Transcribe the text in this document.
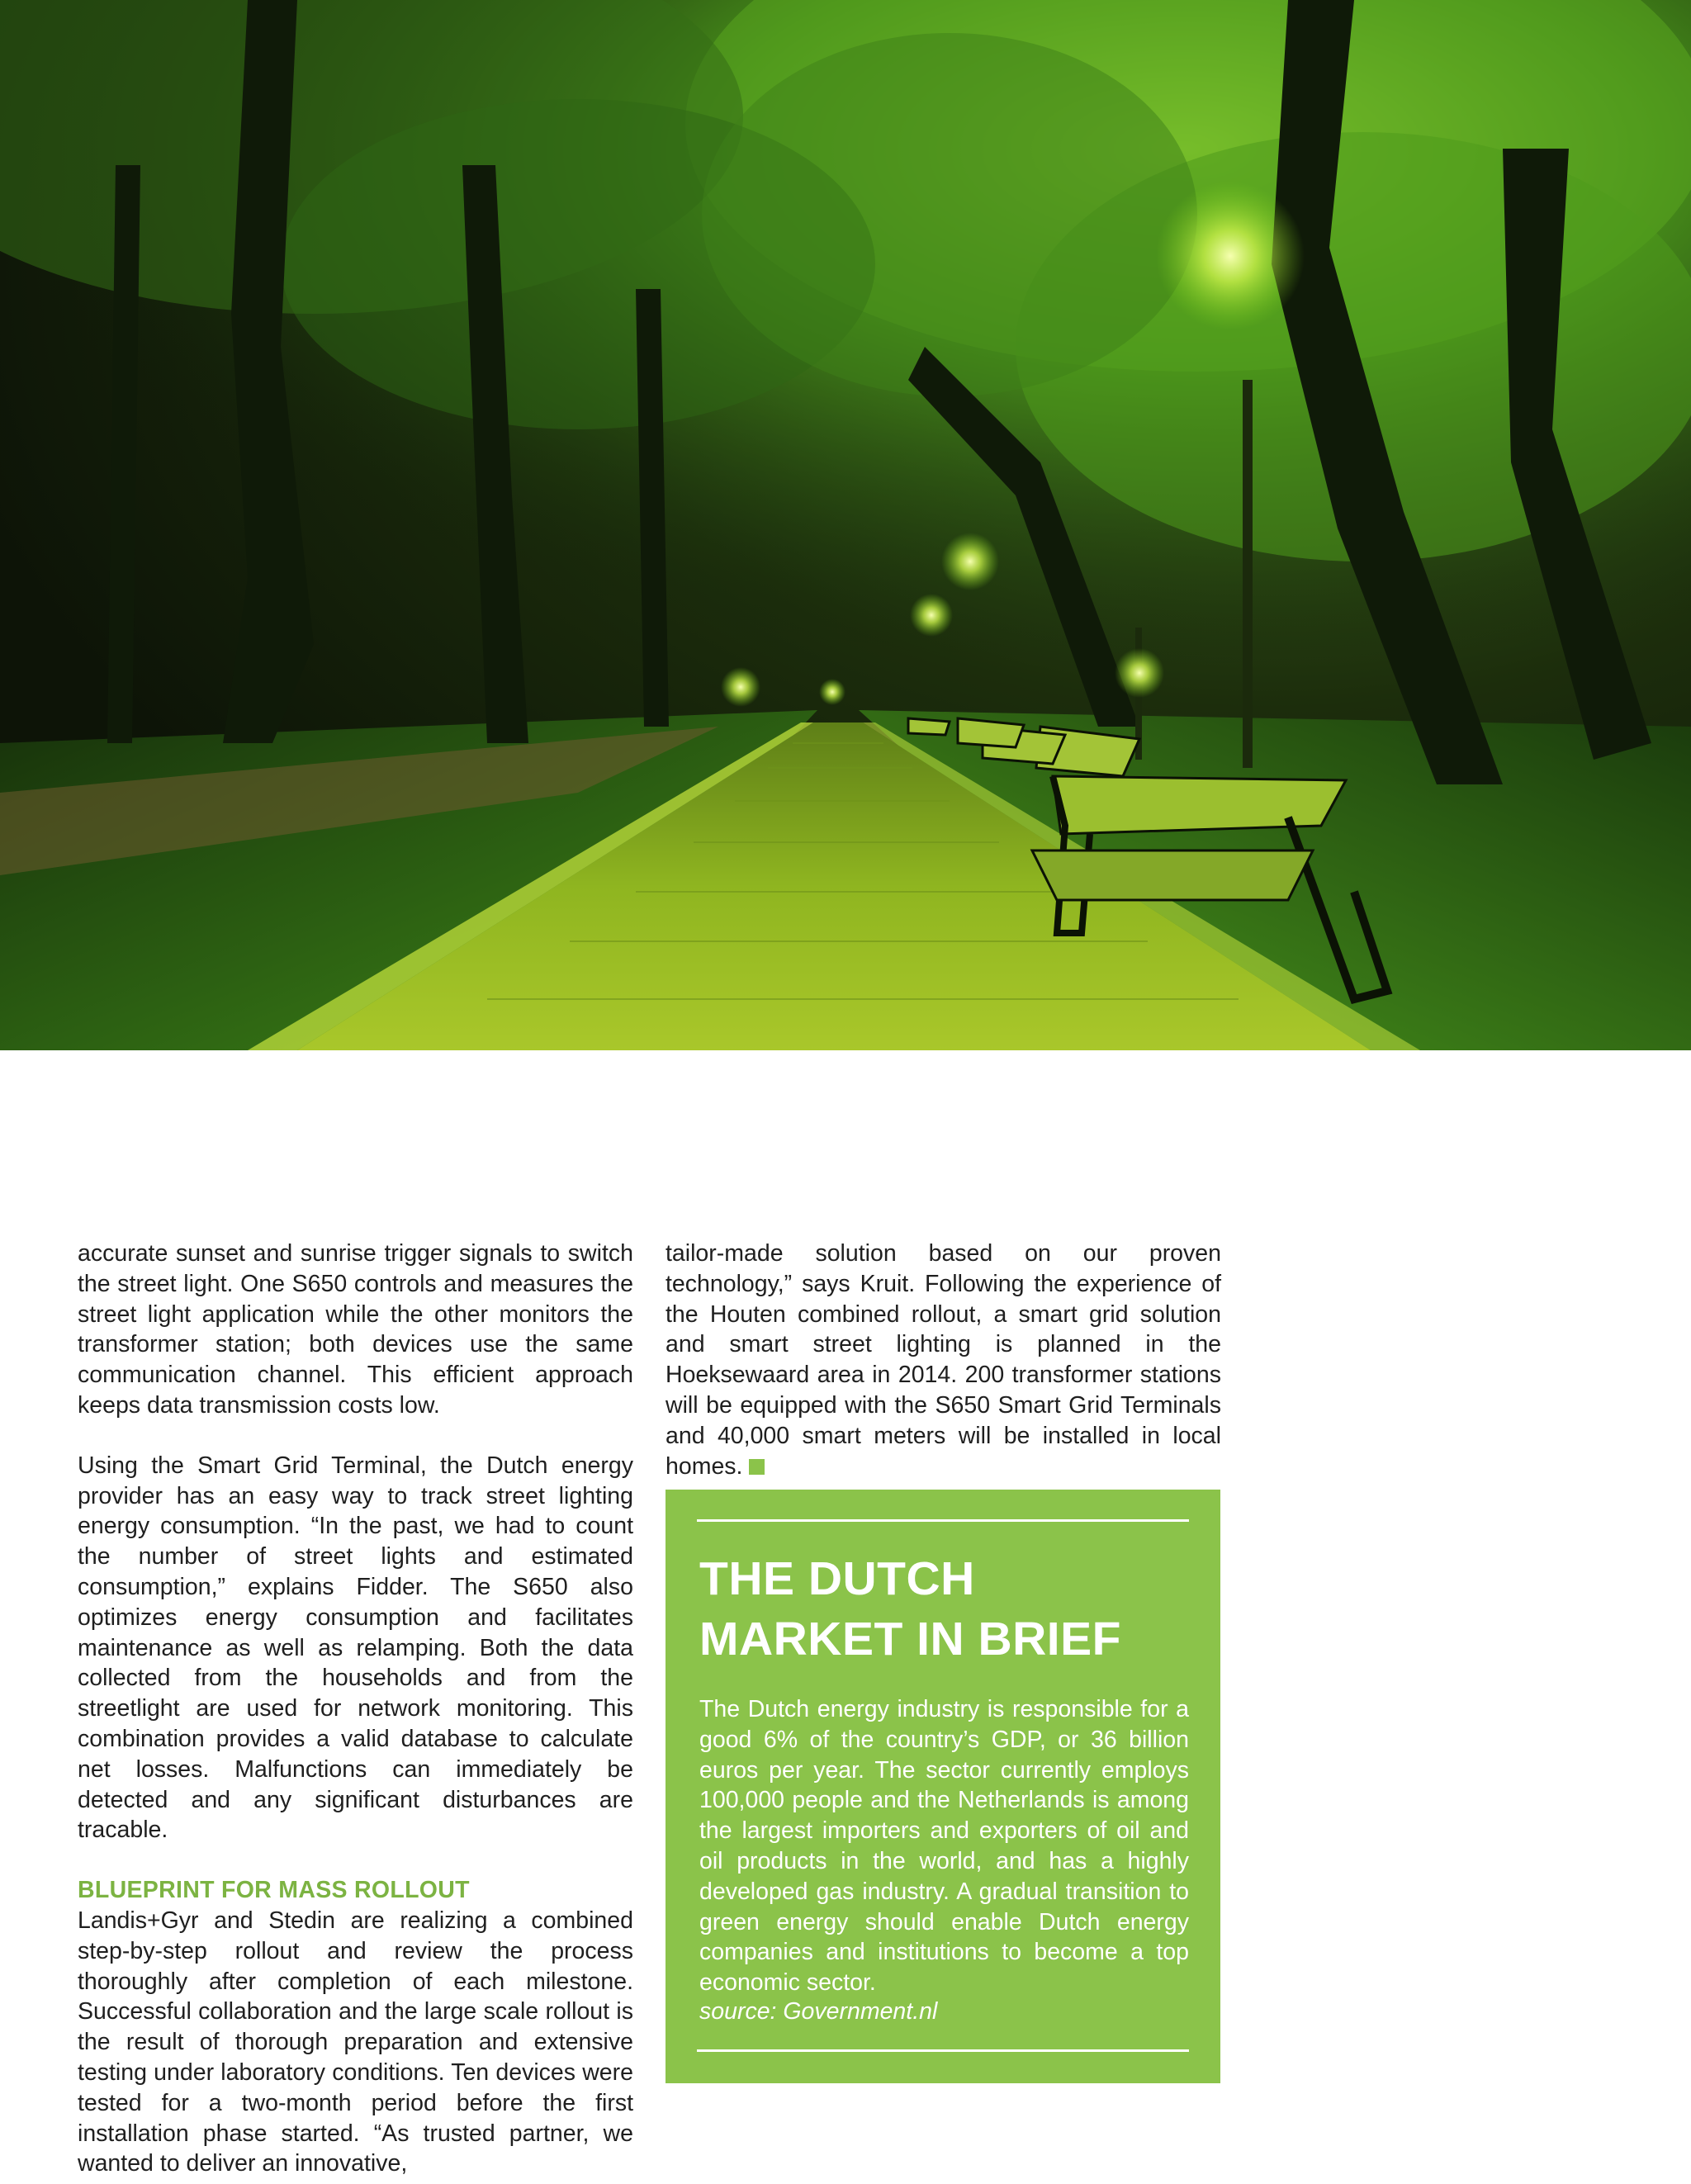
accurate sunset and sunrise trigger signals to switch the street light. One S650 controls and measures the street light application while the other monitors the transformer station; both devices use the same communication channel. This efficient approach keeps data transmission costs low.

Using the Smart Grid Terminal, the Dutch energy provider has an easy way to track street lighting energy consumption. “In the past, we had to count the number of street lights and estimated consumption,” explains Fidder. The S650 also optimizes energy consumption and facilitates maintenance as well as relamping. Both the data collected from the households and from the streetlight are used for network monitoring. This combination provides a valid database to calculate net losses. Malfunctions can immediately be detected and any significant disturbances are tracable.

BLUEPRINT FOR MASS ROLLOUT

Landis+Gyr and Stedin are realizing a combined step-by-step rollout and review the process thoroughly after completion of each milestone. Successful collaboration and the large scale rollout is the result of thorough preparation and extensive testing under laboratory conditions. Ten devices were tested for a two-month period before the first installation phase started. “As trusted partner, we wanted to deliver an innovative,

tailor-made solution based on our proven technology,” says Kruit. Following the experience of the Houten combined rollout, a smart grid solution and smart street lighting is planned in the Hoeksewaard area in 2014. 200 transformer stations will be equipped with the S650 Smart Grid Terminals and 40,000 smart meters will be installed in local homes.

THE DUTCH
MARKET IN BRIEF

The Dutch energy industry is responsible for a good 6% of the country’s GDP, or 36 billion euros per year. The sector currently employs 100,000 people and the Netherlands is among the largest importers and exporters of oil and oil products in the world, and has a highly developed gas industry. A gradual transition to green energy should enable Dutch energy companies and institutions to become a top economic sector.

source: Government.nl
